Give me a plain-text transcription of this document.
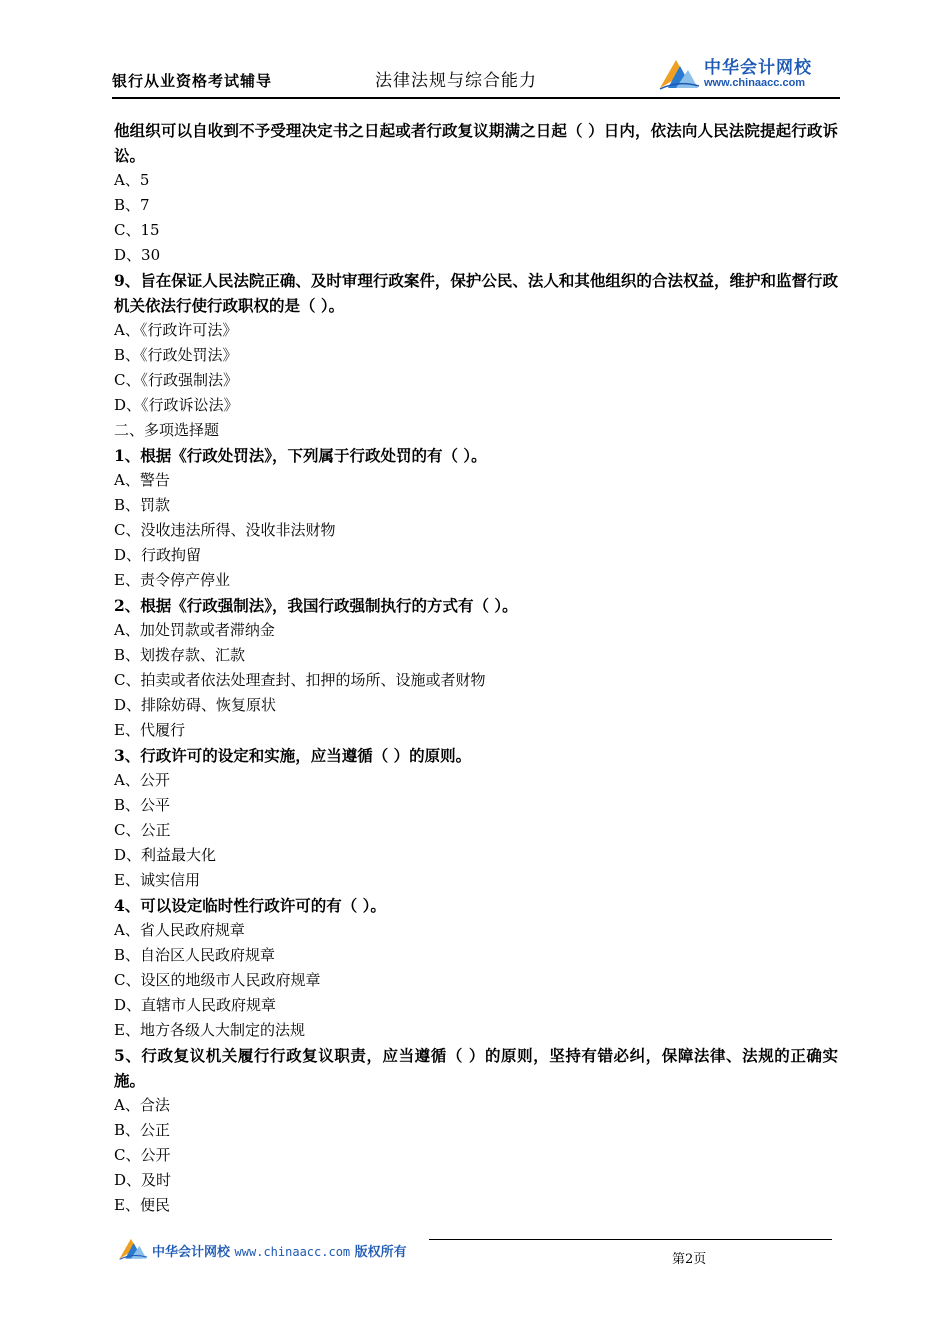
银行从业资格考试辅导	法律法规与综合能力
中华会计网校
www.chinaacc.com
他组织可以自收到不予受理决定书之日起或者行政复议期满之日起（ ）日内，依法向人民法院提起行政诉讼。
A、5
B、7
C、15
D、30
9、旨在保证人民法院正确、及时审理行政案件，保护公民、法人和其他组织的合法权益，维护和监督行政机关依法行使行政职权的是（ ）。
A、《行政许可法》
B、《行政处罚法》
C、《行政强制法》
D、《行政诉讼法》
二、多项选择题
1、根据《行政处罚法》，下列属于行政处罚的有（ ）。
A、警告
B、罚款
C、没收违法所得、没收非法财物
D、行政拘留
E、责令停产停业
2、根据《行政强制法》，我国行政强制执行的方式有（ ）。
A、加处罚款或者滞纳金
B、划拨存款、汇款
C、拍卖或者依法处理查封、扣押的场所、设施或者财物
D、排除妨碍、恢复原状
E、代履行
3、行政许可的设定和实施，应当遵循（ ）的原则。
A、公开
B、公平
C、公正
D、利益最大化
E、诚实信用
4、可以设定临时性行政许可的有（ ）。
A、省人民政府规章
B、自治区人民政府规章
C、设区的地级市人民政府规章
D、直辖市人民政府规章
E、地方各级人大制定的法规
5、行政复议机关履行行政复议职责，应当遵循（ ）的原则，坚持有错必纠，保障法律、法规的正确实施。
A、合法
B、公正
C、公开
D、及时
E、便民
中华会计网校 www.chinaacc.com 版权所有	第2页
